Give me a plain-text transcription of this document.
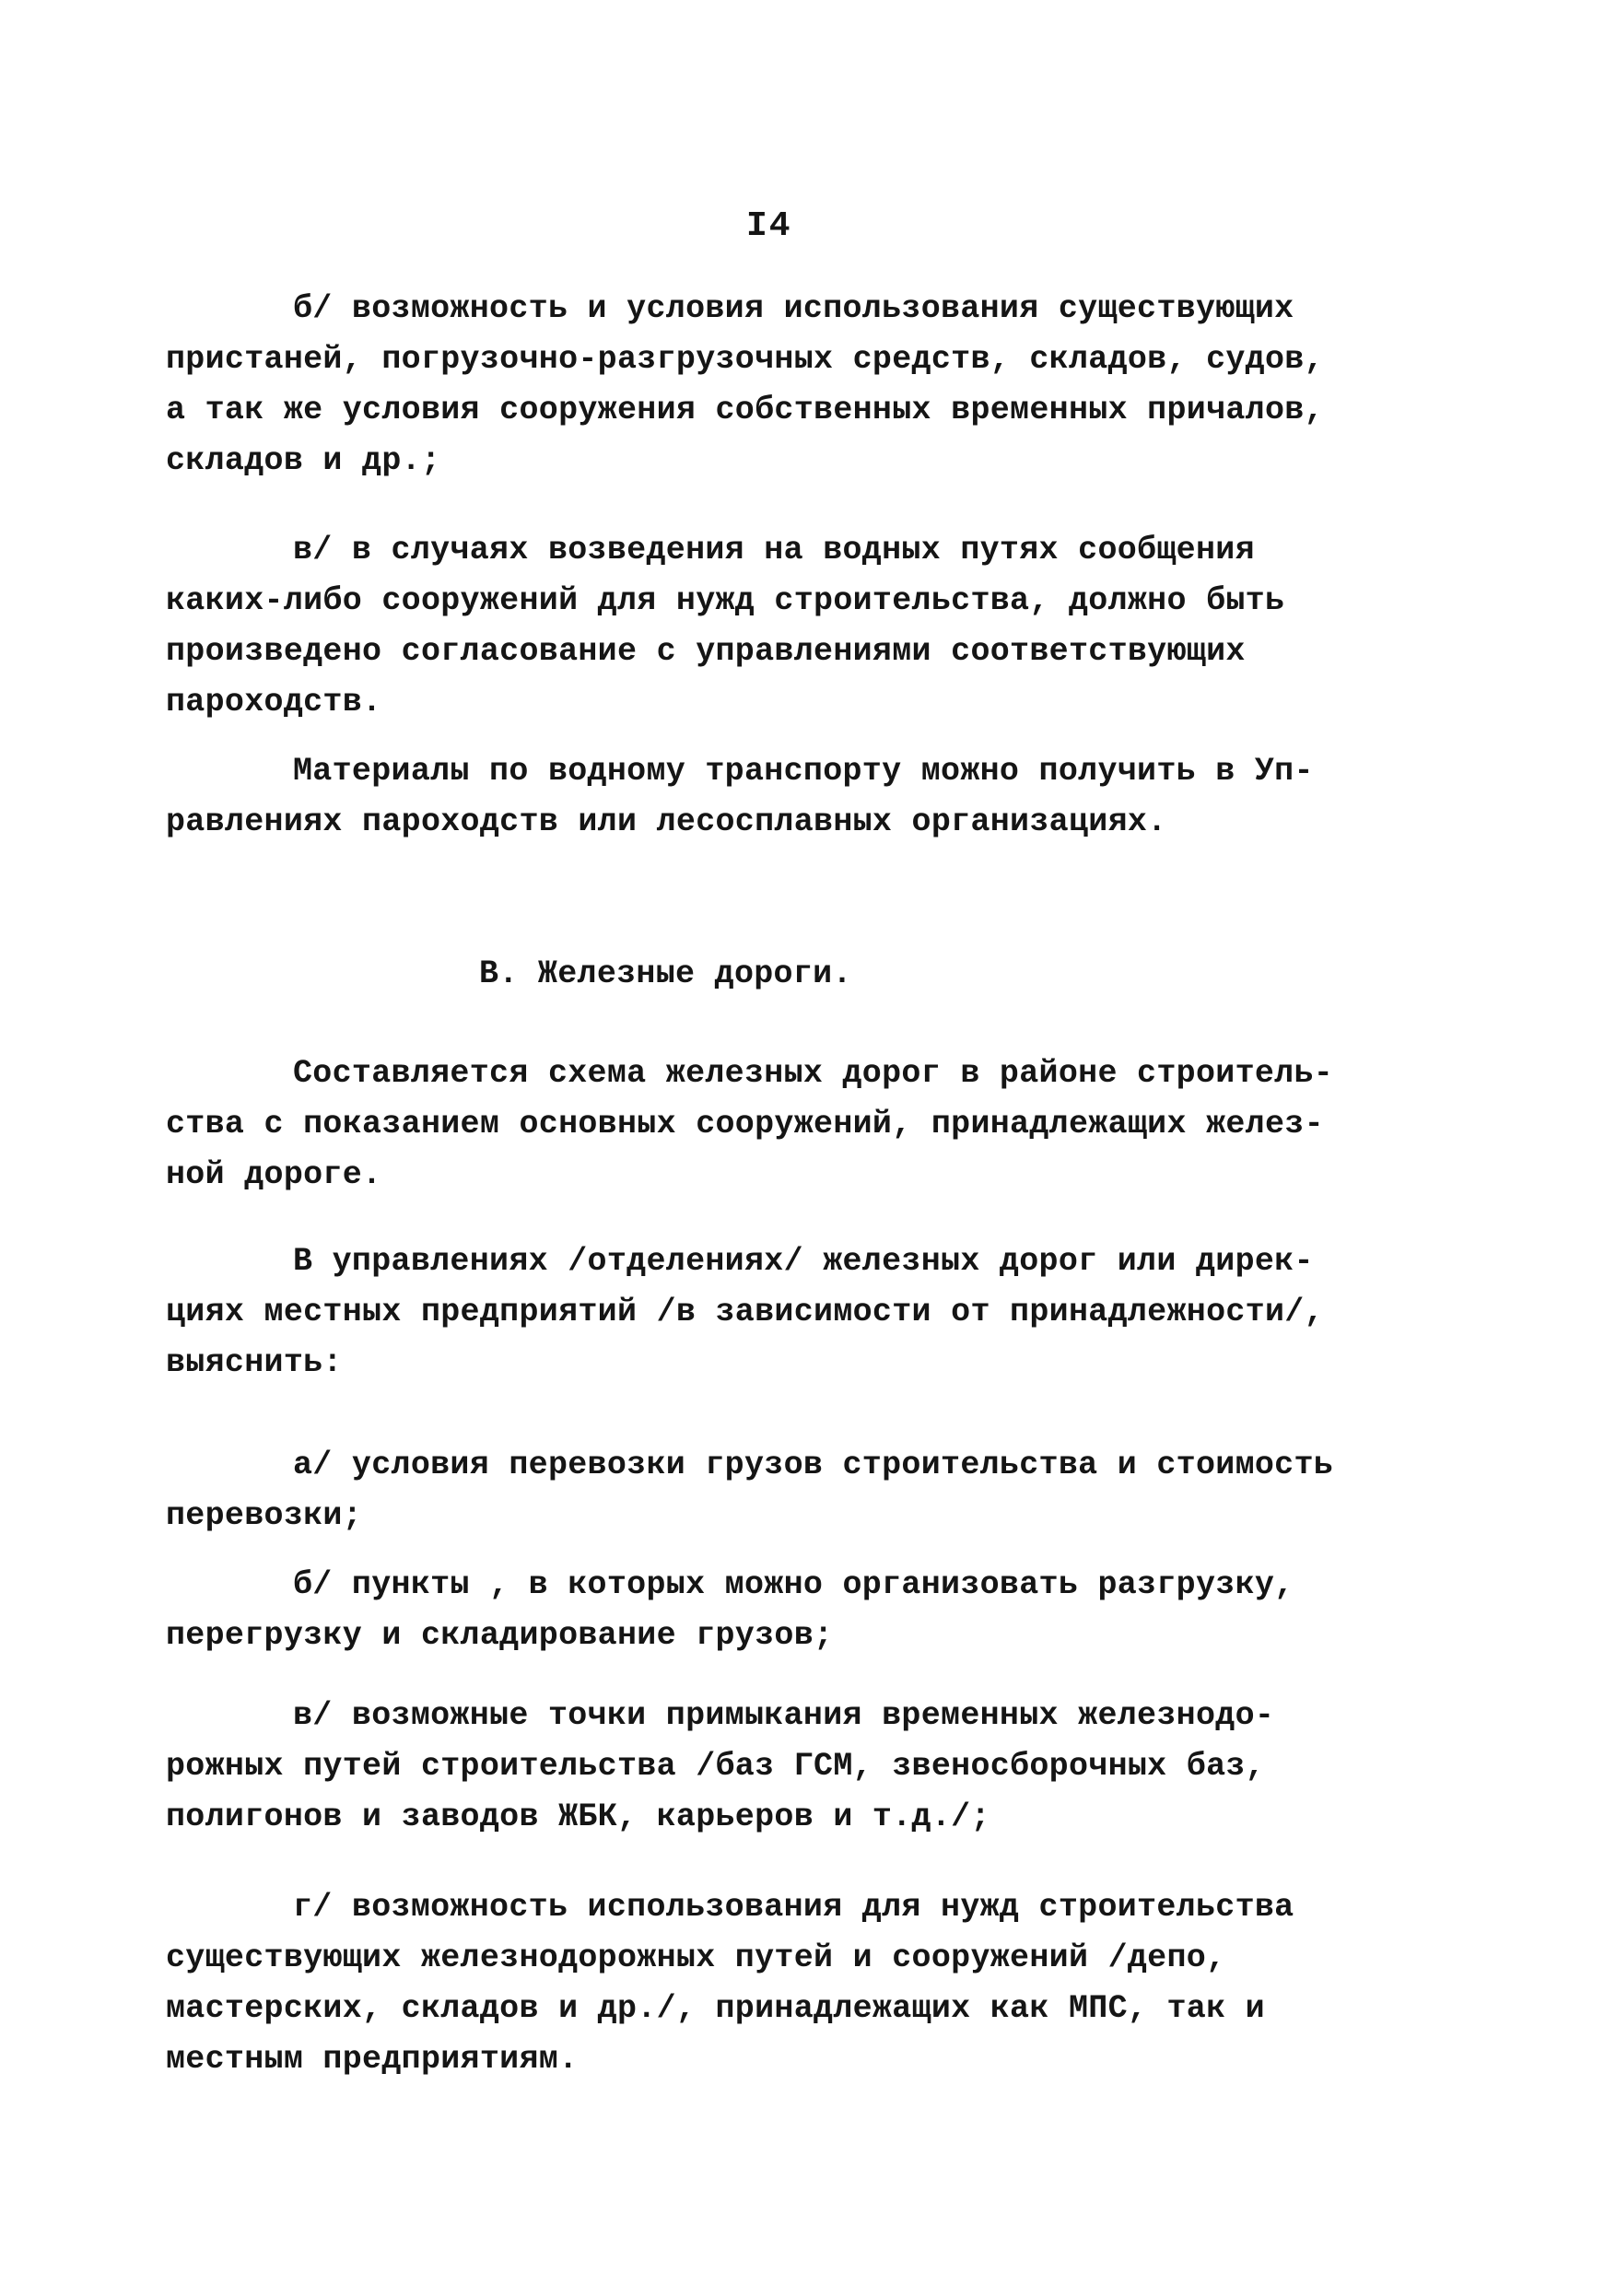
I4
б/ возможность и условия использования существующих
пристаней, погрузочно-разгрузочных средств, складов, судов,
а так же условия сооружения собственных временных причалов,
складов и др.;
в/ в случаях возведения на водных путях сообщения
каких-либо сооружений для нужд строительства, должно быть
произведено согласование с управлениями соответствующих
пароходств.
Материалы по водному транспорту можно получить в Уп-
равлениях пароходств или лесосплавных организациях.
В. Железные дороги.
Составляется схема железных дорог в районе строитель-
ства с показанием основных сооружений, принадлежащих желез-
ной дороге.
В управлениях /отделениях/ железных дорог или дирек-
циях местных предприятий /в зависимости от принадлежности/,
выяснить:
а/ условия перевозки грузов строительства и стоимость
перевозки;
б/ пункты , в которых можно организовать разгрузку,
перегрузку и складирование грузов;
в/ возможные точки примыкания временных железнодо-
рожных путей строительства /баз ГСМ, звеносборочных баз,
полигонов и заводов ЖБК, карьеров и т.д./;
г/ возможность использования для нужд строительства
существующих железнодорожных путей и сооружений /депо,
мастерских, складов и др./, принадлежащих как МПС, так и
местным предприятиям.
